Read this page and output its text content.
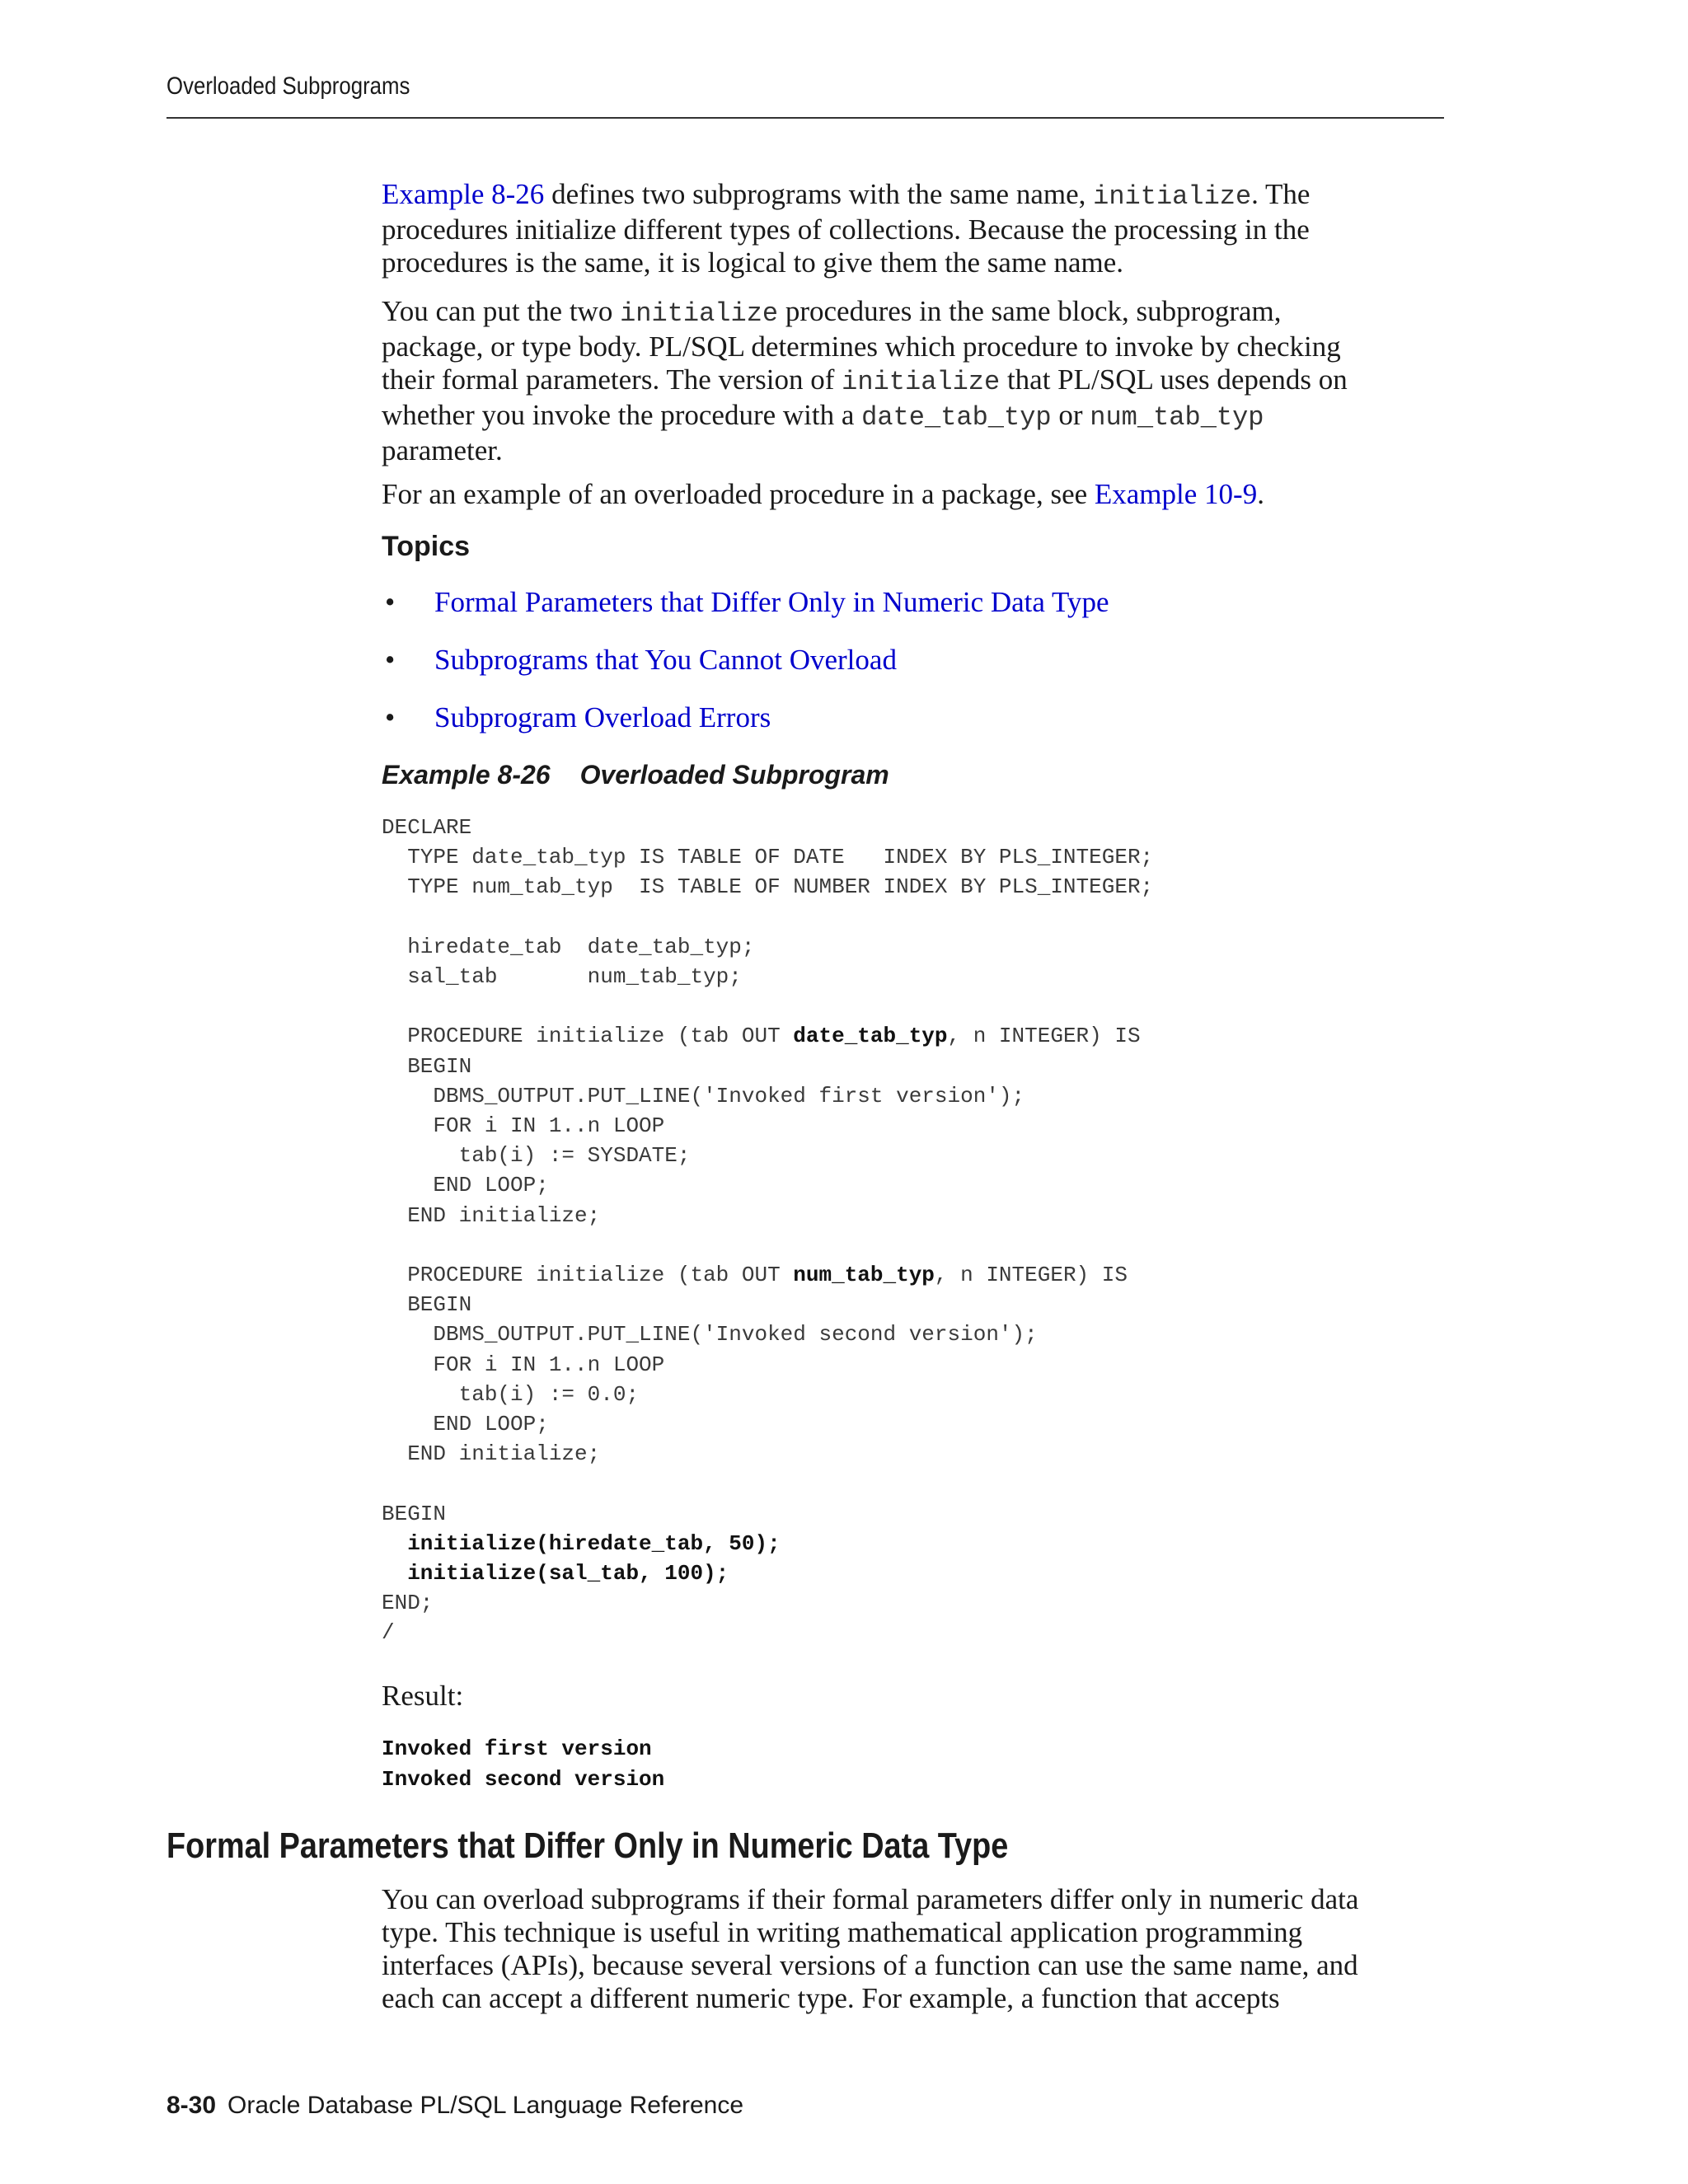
Overloaded Subprograms

Example 8-26 defines two subprograms with the same name, initialize. The

procedures initialize different types of collections. Because the processing in the

procedures is the same, it is logical to give them the same name.

You can put the two initialize procedures in the same block, subprogram,

package, or type body. PL/SQL determines which procedure to invoke by checking

their formal parameters. The version of initialize that PL/SQL uses depends on

whether you invoke the procedure with a date_tab_typ or num_tab_typ

parameter.

For an example of an overloaded procedure in a package, see Example 10-9.

Topics
• Formal Parameters that Differ Only in Numeric Data Type
• Subprograms that You Cannot Overload
• Subprogram Overload Errors

Example 8-26 Overloaded Subprogram

DECLARE
TYPE date_tab_typ IS TABLE OF DATE   INDEX BY PLS_INTEGER;
TYPE num_tab_typ  IS TABLE OF NUMBER INDEX BY PLS_INTEGER;

hiredate_tab  date_tab_typ;
sal_tab       num_tab_typ;

PROCEDURE initialize (tab OUT date_tab_typ, n INTEGER) IS
BEGIN
DBMS_OUTPUT.PUT_LINE('Invoked first version');
FOR i IN 1..n LOOP
tab(i) := SYSDATE;
END LOOP;
END initialize;

PROCEDURE initialize (tab OUT num_tab_typ, n INTEGER) IS
BEGIN
DBMS_OUTPUT.PUT_LINE('Invoked second version');
FOR i IN 1..n LOOP
tab(i) := 0.0;
END LOOP;
END initialize;

BEGIN
initialize(hiredate_tab, 50);
initialize(sal_tab, 100);
END;
/

Result:

Invoked first version
Invoked second version
Formal Parameters that Differ Only in Numeric Data Type

You can overload subprograms if their formal parameters differ only in numeric data

type. This technique is useful in writing mathematical application programming

interfaces (APIs), because several versions of a function can use the same name, and

each can accept a different numeric type. For example, a function that accepts

8-30 Oracle Database PL/SQL Language Reference
